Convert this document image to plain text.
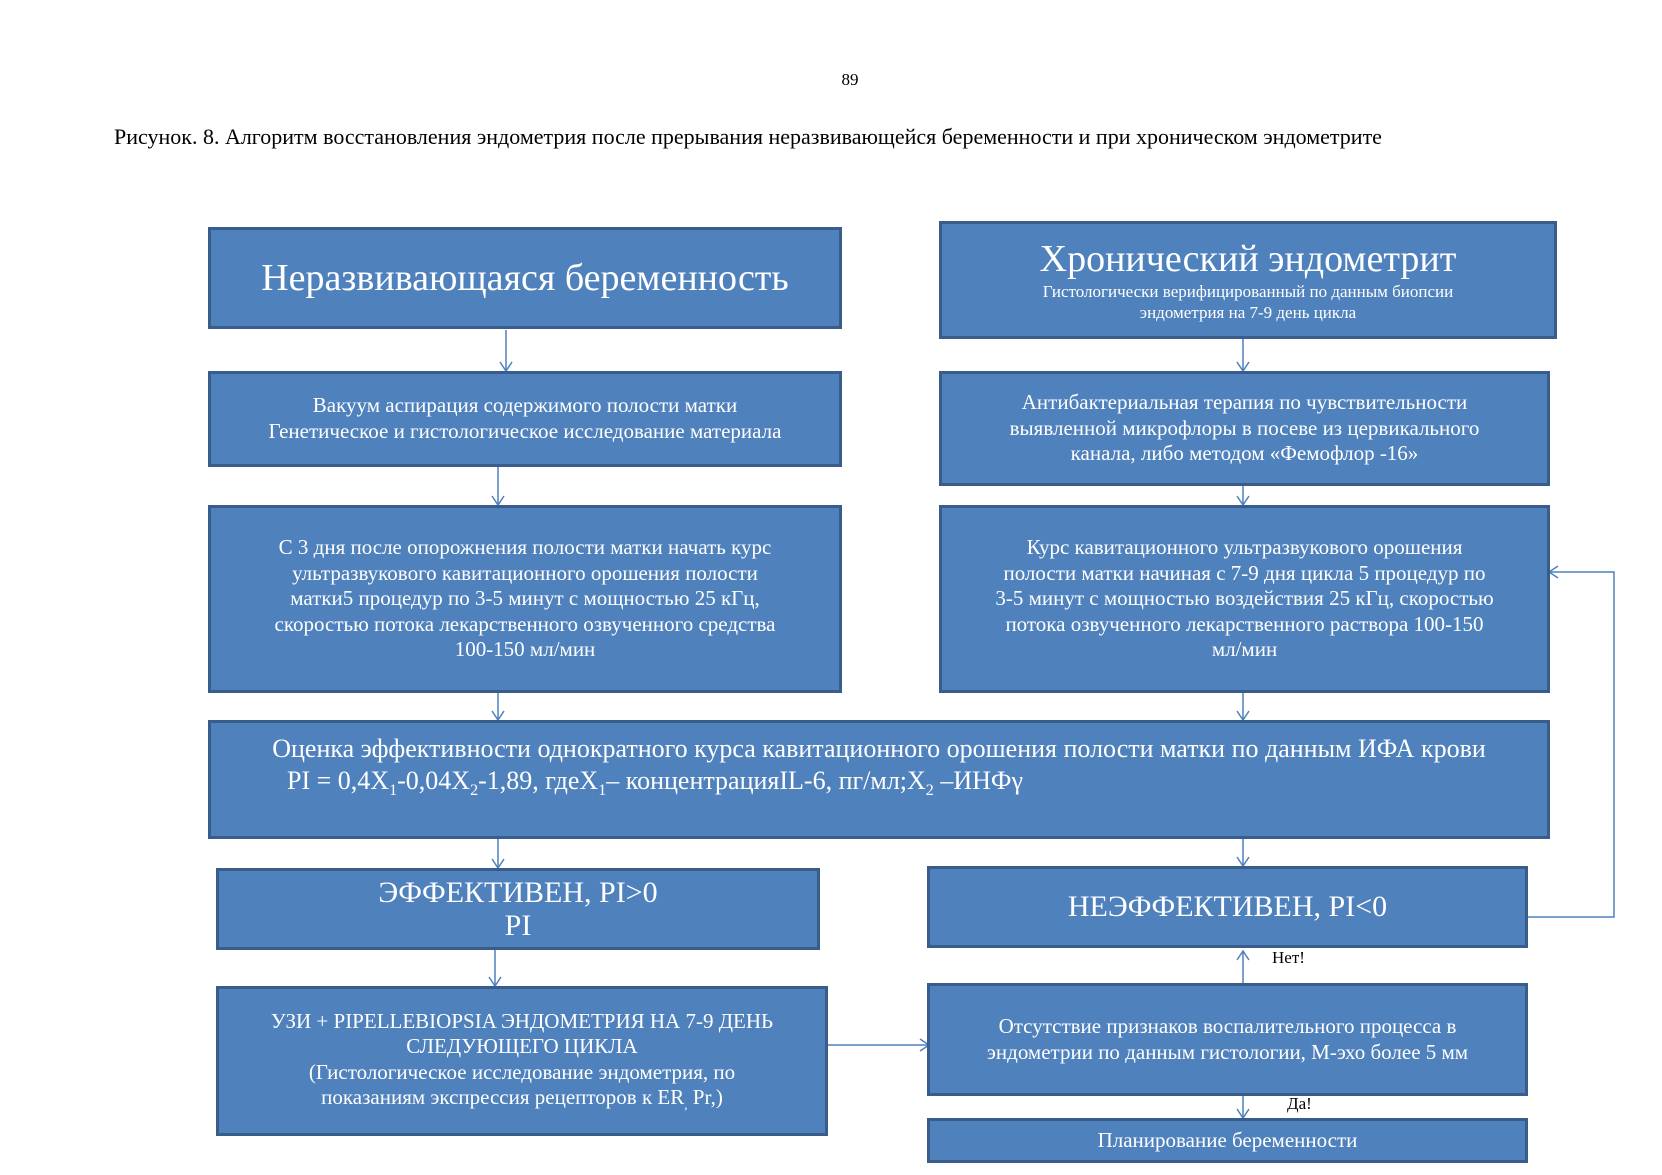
89
Рисунок. 8. Алгоритм восстановления эндометрия после прерывания неразвивающейся беременности и при хроническом эндометрите
Неразвивающаяся беременность	Хронический эндометрит
Гистологически верифицированный по данным биопсии
эндометрия на 7-9 день цикла
Вакуум аспирация содержимого полости матки
Генетическое и гистологическое исследование материала
Антибактериальная терапия по чувствительности
выявленной микрофлоры в посеве из цервикального
канала, либо методом «Фемофлор -16»
С 3 дня после опорожнения полости матки начать курс
ультразвукового кавитационного орошения полости
матки5 процедур по 3-5 минут с мощностью 25 кГц,
скоростью потока лекарственного озвученного средства
100-150 мл/мин
Курс кавитационного ультразвукового орошения
полости матки начиная с 7-9 дня цикла 5 процедур по
3-5 минут с мощностью воздействия 25 кГц, скоростью
потока озвученного лекарственного раствора 100-150
мл/мин
Оценка эффективности однократного курса кавитационного орошения полости матки по данным ИФА крови
PI = $0,4X_1-0,04X_2-1,89$, гдеX$_1$– концентрацияIL-6, $пг/мл;X_2$ –ИНФγ
ЭФФЕКТИВЕН, PI>0
PI
НЕЭФФЕКТИВЕН, PI<0
Нет!
УЗИ + PIPELLEBIOPSIA ЭНДОМЕТРИЯ НА 7-9 ДЕНЬ
СЛЕДУЮЩЕГО ЦИКЛА
(Гистологическое исследование эндометрия, по
показаниям экспрессия рецепторов к $ER_,$ Pr,)
Отсутствие признаков воспалительного процесса в
эндометрии по данным гистологии, М-эхо более 5 мм
Да!
Планирование беременности
